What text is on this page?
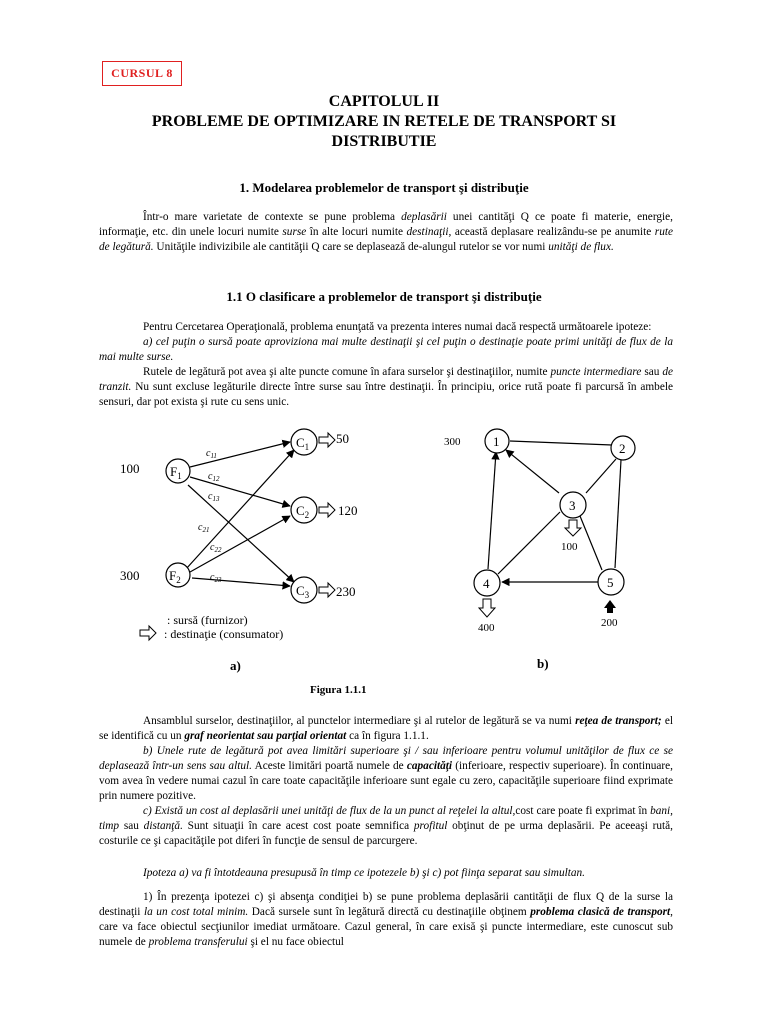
CURSUL 8
CAPITOLUL II
PROBLEME DE OPTIMIZARE IN RETELE DE TRANSPORT SI
DISTRIBUTIE
1. Modelarea problemelor de transport şi distribuţie

Într-o mare varietate de contexte se pune problema deplasării unei cantităţi Q ce poate fi materie, energie, informaţie, etc. din unele locuri numite surse în alte locuri numite destinaţii, această deplasare realizându-se pe anumite rute de legătură. Unităţile indivizibile ale cantităţii Q care se deplasează de-alungul rutelor se vor numi unităţi de flux.

1.1 O clasificare a problemelor de transport şi distribuţie

Pentru Cercetarea Operaţională, problema enunţată va prezenta interes numai dacă respectă următoarele ipoteze:

a) cel puţin o sursă poate aproviziona mai multe destinaţii şi cel puţin o destinaţie poate primi unităţi de flux de la mai multe surse.

Rutele de legătură pot avea şi alte puncte comune în afara surselor şi destinaţiilor, numite puncte intermediare sau de tranzit. Nu sunt excluse legăturile directe între surse sau între destinaţii. În principiu, orice rută poate fi parcursă în ambele sensuri, dar pot exista şi rute cu sens unic.

$F_1$
$F_2$
100
300
$C_1$
$C_2$
$C_3$
50
120
230
$c_{11}$
$c_{12}$
$c_{13}$
$c_{21}$
$c_{22}$
$c_{23}$
: sursă (furnizor)
: destinaţie (consumator)
a)
1	2
3
4	5
300
100
400	200
b)
Figura 1.1.1

Ansamblul surselor, destinaţiilor, al punctelor intermediare şi al rutelor de legătură se va numi reţea de transport; el se identifică cu un graf neorientat sau parţial orientat ca în figura 1.1.1.

b) Unele rute de legătură pot avea limitări superioare şi / sau inferioare pentru volumul unităţilor de flux ce se deplasează într-un sens sau altul. Aceste limitări poartă numele de capacităţi (inferioare, respectiv superioare). În continuare, vom avea în vedere numai cazul în care toate capacităţile inferioare sunt egale cu zero, capacităţile superioare fiind exprimate prin numere pozitive.

c) Există un cost al deplasării unei unităţi de flux de la un punct al reţelei la altul,cost care poate fi exprimat în bani, timp sau distanţă. Sunt situaţii în care acest cost poate semnifica profitul obţinut de pe urma deplasării. Pe aceeaşi rută, costurile ce şi capacităţile pot diferi în funcţie de sensul de parcurgere.

Ipoteza a) va fi întotdeauna presupusă în timp ce ipotezele b) şi c) pot fiinţa separat sau simultan.

1) În prezenţa ipotezei c) şi absenţa condiţiei b) se pune problema deplasării cantităţii de flux Q de la surse la destinaţii la un cost total minim. Dacă sursele sunt în legătură directă cu destinaţiile obţinem problema clasică de transport, care va face obiectul secţiunilor imediat următoare. Cazul general, în care exisă şi puncte intermediare, este cunoscut sub numele de problema transferului şi el nu face obiectul
